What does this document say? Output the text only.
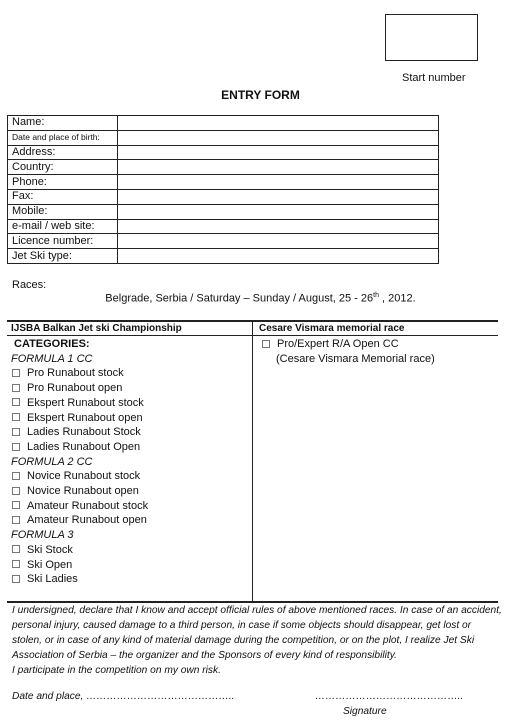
Start number
ENTRY FORM
Name:		
Date and place of birth:		
Address:		
Country:		
Phone:		
Fax:		
Mobile:		
e-mail / web site:		
Licence number:		
Jet Ski type:		
Races:
Belgrade, Serbia / Saturday – Sunday / August, 25 - 26th , 2012.
IJSBA Balkan Jet ski Championship	Cesare Vismara memorial race
CATEGORIES:
FORMULA 1 CC
Pro Runabout stock
Pro Runabout open
Ekspert Runabout stock
Ekspert Runabout open
Ladies Runabout Stock
Ladies Runabout Open
FORMULA 2 CC
Novice Runabout stock
Novice Runabout open
Amateur Runabout stock
Amateur Runabout open
FORMULA 3
Ski Stock
Ski Open
Ski Ladies
Pro/Expert R/A Open CC
(Cesare Vismara Memorial race)
I undersigned, declare that I know and accept official rules of above mentioned races. In case of an accident, personal injury, caused damage to a third person, in case if some objects should disappear, get lost or stolen, or in case of any kind of material damage during the competition, or on the plot, I realize Jet Ski Association of Serbia – the organizer and the Sponsors of every kind of responsibility.
I participate in the competition on my own risk.
Date and place, ……………………………………..	……………………………………..
Signature
